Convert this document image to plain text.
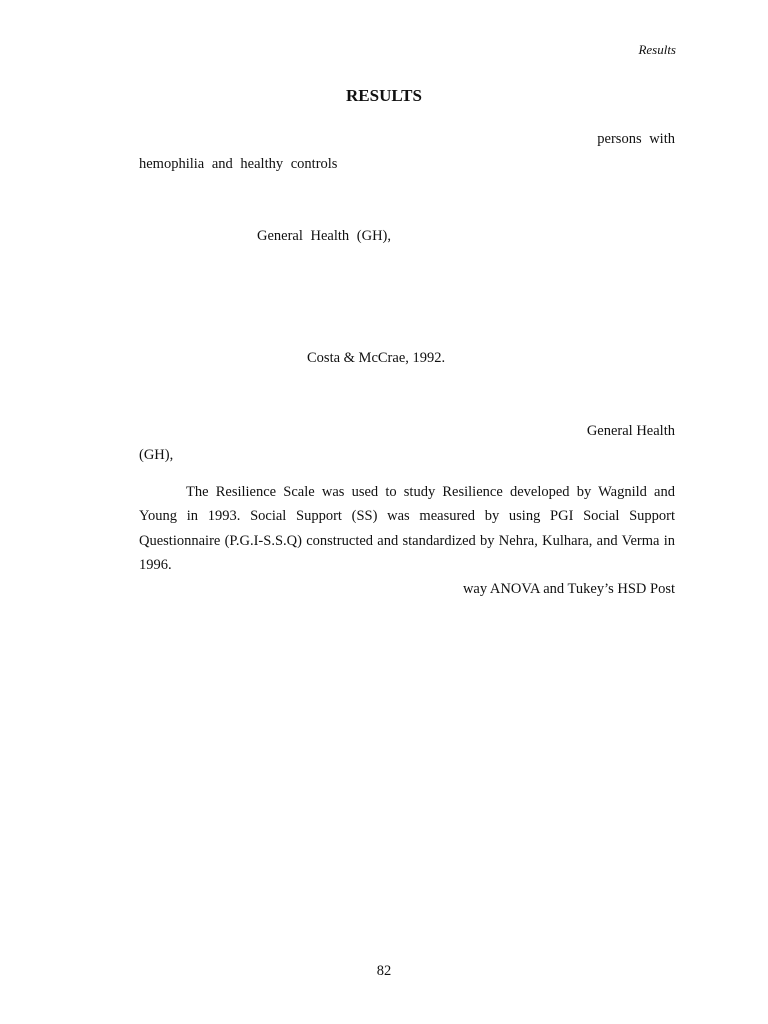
Results
RESULTS
persons with
hemophilia and healthy controls
General Health (GH),
Costa & McCrae, 1992.
General Health
(GH),
The Resilience Scale was used to study Resilience developed by Wagnild and Young in 1993. Social Support (SS) was measured by using PGI Social Support Questionnaire (P.G.I-S.S.Q) constructed and standardized by Nehra, Kulhara, and Verma in 1996.
way ANOVA and Tukey’s HSD Post
82
